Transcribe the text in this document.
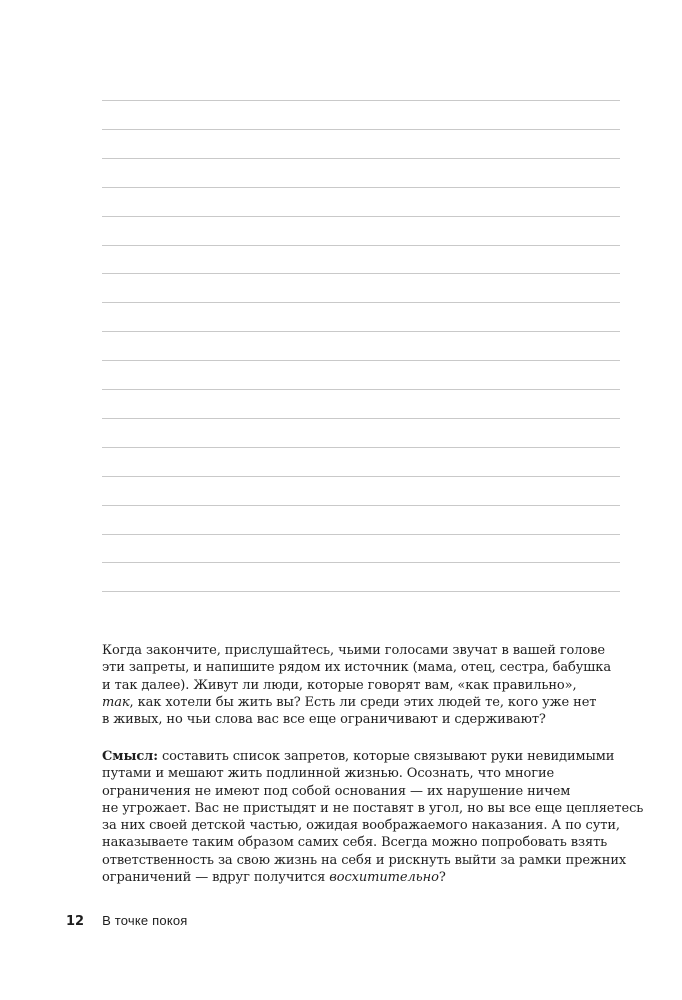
Когда закончите, прислушайтесь, чьими голосами звучат в вашей голове
эти запреты, и напишите рядом их источник (мама, отец, сестра, бабушка
и так далее). Живут ли люди, которые говорят вам, «как правильно»,
так, как хотели бы жить вы? Есть ли среди этих людей те, кого уже нет
в живых, но чьи слова вас все еще ограничивают и сдерживают?
Смысл: составить список запретов, которые связывают руки невидимыми
путами и мешают жить подлинной жизнью. Осознать, что многие
ограничения не имеют под собой основания — их нарушение ничем
не угрожает. Вас не пристыдят и не поставят в угол, но вы все еще цепляетесь
за них своей детской частью, ожидая воображаемого наказания. А по сути,
наказываете таким образом самих себя. Всегда можно попробовать взять
ответственность за свою жизнь на себя и рискнуть выйти за рамки прежних
ограничений — вдруг получится восхитительно?
12 В точке покоя
